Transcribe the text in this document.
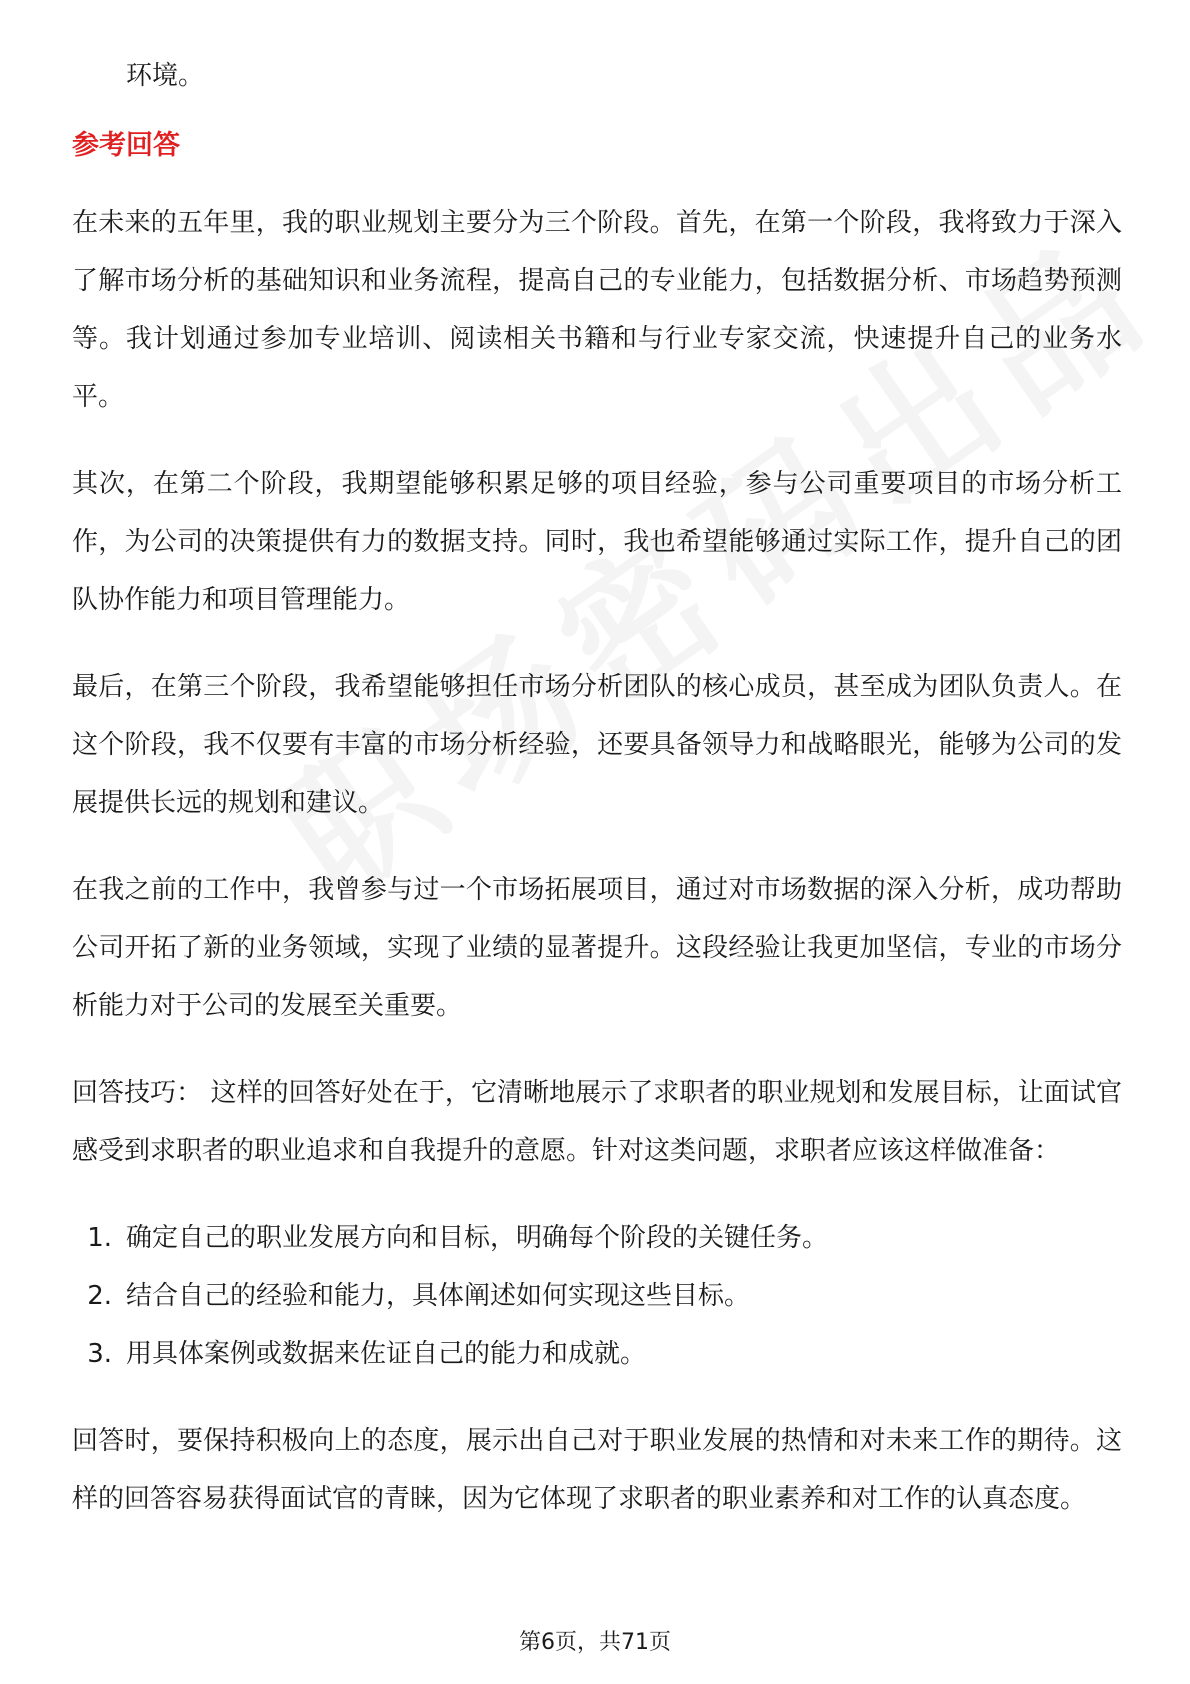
环境。

参考回答

在未来的五年里，我的职业规划主要分为三个阶段。首先，在第一个阶段，我将致力于深入了解市场分析的基础知识和业务流程，提高自己的专业能力，包括数据分析、市场趋势预测等。我计划通过参加专业培训、阅读相关书籍和与行业专家交流，快速提升自己的业务水平。

其次，在第二个阶段，我期望能够积累足够的项目经验，参与公司重要项目的市场分析工作，为公司的决策提供有力的数据支持。同时，我也希望能够通过实际工作，提升自己的团队协作能力和项目管理能力。

最后，在第三个阶段，我希望能够担任市场分析团队的核心成员，甚至成为团队负责人。在这个阶段，我不仅要有丰富的市场分析经验，还要具备领导力和战略眼光，能够为公司的发展提供长远的规划和建议。

在我之前的工作中，我曾参与过一个市场拓展项目，通过对市场数据的深入分析，成功帮助公司开拓了新的业务领域，实现了业绩的显著提升。这段经验让我更加坚信，专业的市场分析能力对于公司的发展至关重要。

回答技巧： 这样的回答好处在于，它清晰地展示了求职者的职业规划和发展目标，让面试官感受到求职者的职业追求和自我提升的意愿。针对这类问题，求职者应该这样做准备：

1. 确定自己的职业发展方向和目标，明确每个阶段的关键任务。
2. 结合自己的经验和能力，具体阐述如何实现这些目标。
3. 用具体案例或数据来佐证自己的能力和成就。

回答时，要保持积极向上的态度，展示出自己对于职业发展的热情和对未来工作的期待。这样的回答容易获得面试官的青睐，因为它体现了求职者的职业素养和对工作的认真态度。

第6页，共71页
